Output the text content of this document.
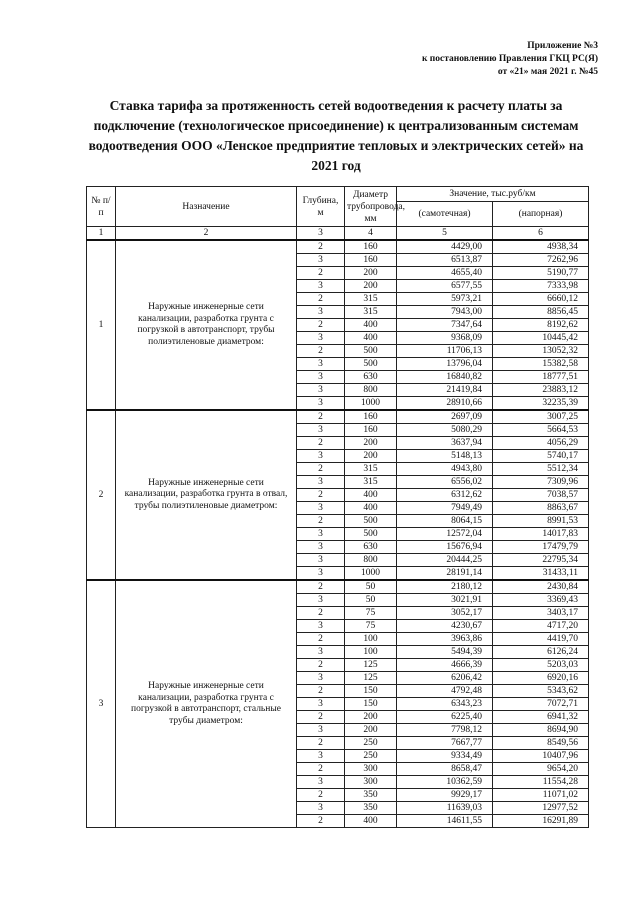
Приложение №3
к постановлению Правления ГКЦ РС(Я)
от «21» мая 2021 г. №45
Ставка тарифа за протяженность сетей водоотведения к расчету платы за подключение (технологическое присоединение) к централизованным системам водоотведения ООО «Ленское предприятие тепловых и электрических сетей» на 2021 год
№ п/п	Назначение	Глубина, м	Диаметр трубопровода, мм	Значение, тыс.руб/км	
				(самотечная)	(напорная)
1	2	3	4	5	6
1	Наружные инженерные сети канализации, разработка грунта с погрузкой в автотранспорт, трубы полиэтиленовые диаметром:	2	160	4429,00	4938,34
		3	160	6513,87	7262,96
		2	200	4655,40	5190,77
		3	200	6577,55	7333,98
		2	315	5973,21	6660,12
		3	315	7943,00	8856,45
		2	400	7347,64	8192,62
		3	400	9368,09	10445,42
		2	500	11706,13	13052,32
		3	500	13796,04	15382,58
		3	630	16840,82	18777,51
		3	800	21419,84	23883,12
		3	1000	28910,66	32235,39
2	Наружные инженерные сети канализации, разработка грунта в отвал, трубы полиэтиленовые диаметром:	2	160	2697,09	3007,25
		3	160	5080,29	5664,53
		2	200	3637,94	4056,29
		3	200	5148,13	5740,17
		2	315	4943,80	5512,34
		3	315	6556,02	7309,96
		2	400	6312,62	7038,57
		3	400	7949,49	8863,67
		2	500	8064,15	8991,53
		3	500	12572,04	14017,83
		3	630	15676,94	17479,79
		3	800	20444,25	22795,34
		3	1000	28191,14	31433,11
3	Наружные инженерные сети канализации, разработка грунта с погрузкой в автотранспорт, стальные трубы диаметром:	2	50	2180,12	2430,84
		3	50	3021,91	3369,43
		2	75	3052,17	3403,17
		3	75	4230,67	4717,20
		2	100	3963,86	4419,70
		3	100	5494,39	6126,24
		2	125	4666,39	5203,03
		3	125	6206,42	6920,16
		2	150	4792,48	5343,62
		3	150	6343,23	7072,71
		2	200	6225,40	6941,32
		3	200	7798,12	8694,90
		2	250	7667,77	8549,56
		3	250	9334,49	10407,96
		2	300	8658,47	9654,20
		3	300	10362,59	11554,28
		2	350	9929,17	11071,02
		3	350	11639,03	12977,52
		2	400	14611,55	16291,89
